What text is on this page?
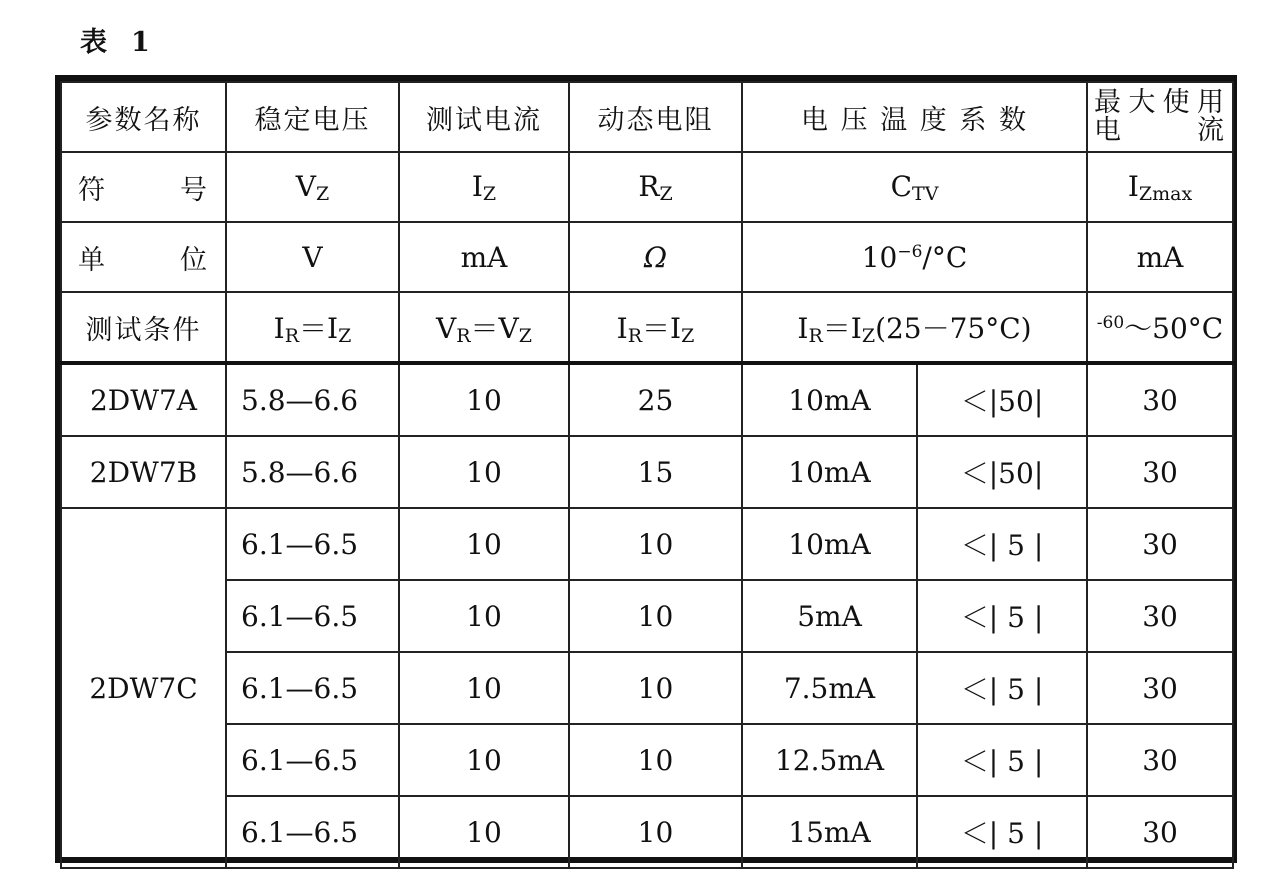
表 1
参数名称	稳定电压	测试电流	动态电阻	电 压 温 度 系 数		最大使用
电　流

符　　号	$V_Z$	$I_Z$	$R_Z$	$C_{TV}$		$I_{Zmax}$
单　　位	V	mA	Ω	$10^{-6}/^\circ C$		mA
测试条件	$I_R=I_Z$	$V_R=V_Z$	$I_R=I_Z$	$I_R=I_Z(25-75^\circ C)$		$^{-60}$～50°C
2DW7A	5.8—6.6	10	25	10mA	＜|50|	30
2DW7B	5.8—6.6	10	15	10mA	＜|50|	30
2DW7C	6.1—6.5	10	10	10mA	＜| 5 |	30
	6.1—6.5	10	10	5mA	＜| 5 |	30
	6.1—6.5	10	10	7.5mA	＜| 5 |	30
	6.1—6.5	10	10	12.5mA	＜| 5 |	30
	6.1—6.5	10	10	15mA	＜| 5 |	30
